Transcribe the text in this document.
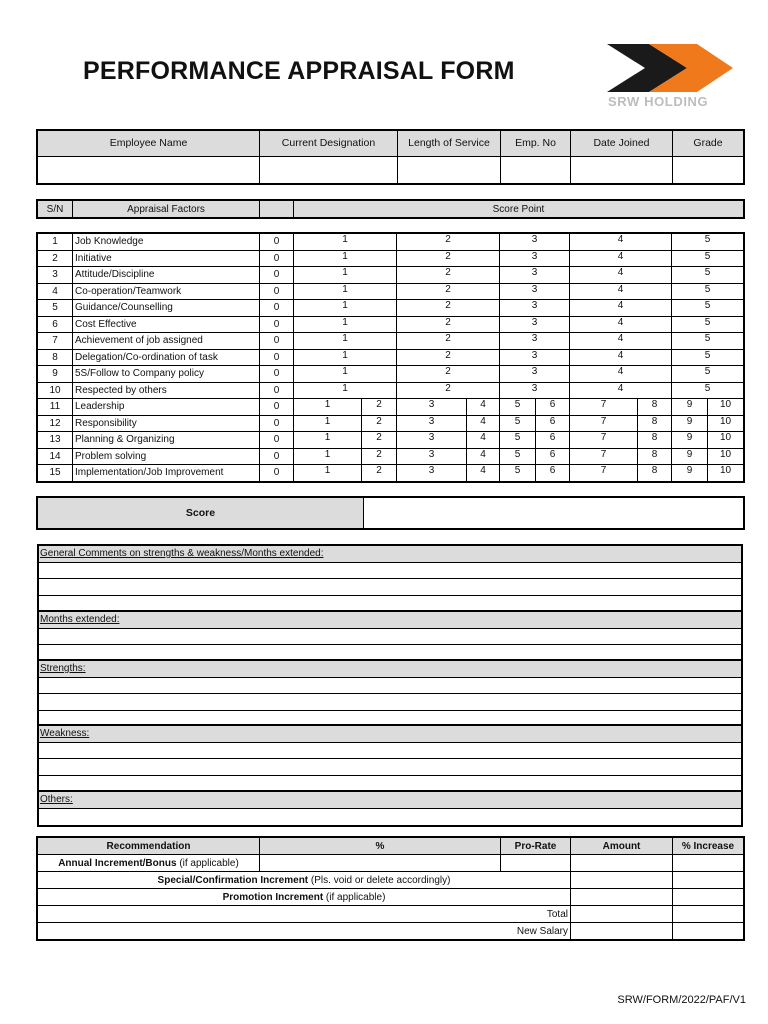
PERFORMANCE APPRAISAL FORM
SRW HOLDING
Employee Name	Current Designation	Length of Service	Emp. No	Date Joined	Grade

S/N	Appraisal Factors		Score Point
1	Job Knowledge	0	1		2		3		4		5	
2	Initiative	0	1		2		3		4		5	
3	Attitude/Discipline	0	1		2		3		4		5	
4	Co-operation/Teamwork	0	1		2		3		4		5	
5	Guidance/Counselling	0	1		2		3		4		5	
6	Cost Effective	0	1		2		3		4		5	
7	Achievement of job assigned	0	1		2		3		4		5	
8	Delegation/Co-ordination of task	0	1		2		3		4		5	
9	5S/Follow to Company policy	0	1		2		3		4		5	
10	Respected by others	0	1		2		3		4		5	
11	Leadership	0	1	2	3	4	5	6	7	8	9	10
12	Responsibility	0	1	2	3	4	5	6	7	8	9	10
13	Planning & Organizing	0	1	2	3	4	5	6	7	8	9	10
14	Problem solving	0	1	2	3	4	5	6	7	8	9	10
15	Implementation/Job Improvement	0	1	2	3	4	5	6	7	8	9	10
Score	
General Comments on strengths & weakness/Months extended:
Months extended:
Strengths:
Weakness:
Others:
Recommendation	%	Pro-Rate	Amount	% Increase
Annual Increment/Bonus (if applicable)				
Special/Confirmation Increment (Pls. void or delete accordingly)				
Promotion Increment (if applicable)				
Total				
New Salary				
SRW/FORM/2022/PAF/V1
